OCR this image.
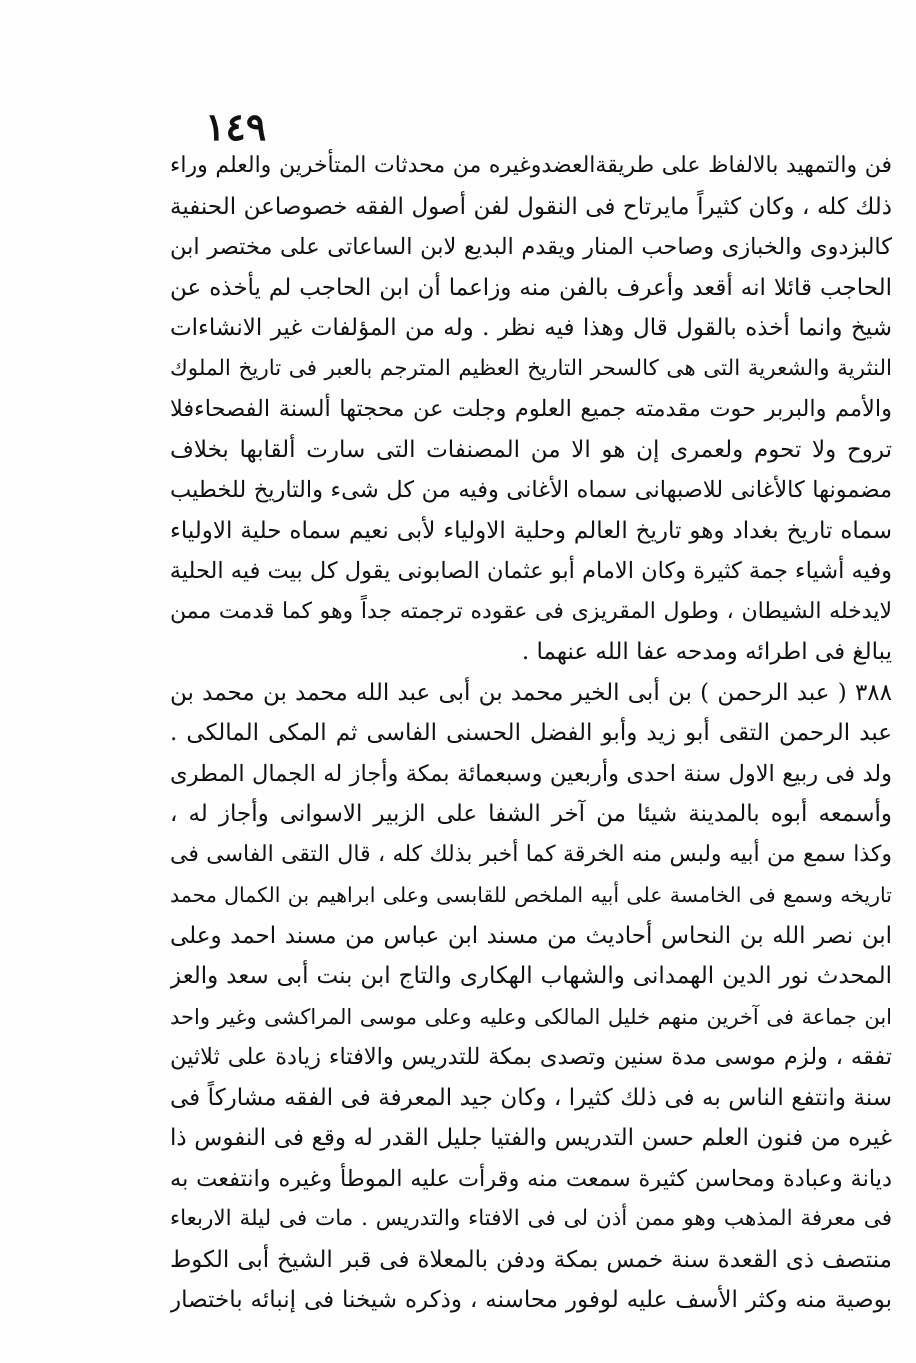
١٤٩
فن والتمهيد بالالفاظ على طريقةالعضدوغيره من محدثات المتأخرين والعلم وراء
ذلك كله ، وكان كثيراً مايرتاح فى النقول لفن أصول الفقه خصوصاعن الحنفية
كالبزدوى والخبازى وصاحب المنار ويقدم البديع لابن الساعاتى على مختصر ابن
الحاجب قائلا انه أقعد وأعرف بالفن منه وزاعما أن ابن الحاجب لم يأخذه عن
شيخ وانما أخذه بالقول قال وهذا فيه نظر . وله من المؤلفات غير الانشاءات
النثرية والشعرية التى هى كالسحر التاريخ العظيم المترجم بالعبر فى تاريخ الملوك
والأمم والبربر حوت مقدمته جميع العلوم وجلت عن محجتها ألسنة الفصحاءفلا
تروح ولا تحوم ولعمرى إن هو الا من المصنفات التى سارت ألقابها بخلاف
مضمونها كالأغانى للاصبهانى سماه الأغانى وفيه من كل شىء والتاريخ للخطيب
سماه تاريخ بغداد وهو تاريخ العالم وحلية الاولياء لأبى نعيم سماه حلية الاولياء
وفيه أشياء جمة كثيرة وكان الامام أبو عثمان الصابونى يقول كل بيت فيه الحلية
لايدخله الشيطان ، وطول المقريزى فى عقوده ترجمته جداً وهو كما قدمت ممن
يبالغ فى اطرائه ومدحه عفا الله عنهما .
٣٨٨ ( عبد الرحمن ) بن أبى الخير محمد بن أبى عبد الله محمد بن محمد بن
عبد الرحمن التقى أبو زيد وأبو الفضل الحسنى الفاسى ثم المكى المالكى .
ولد فى ربيع الاول سنة احدى وأربعين وسبعمائة بمكة وأجاز له الجمال المطرى
وأسمعه أبوه بالمدينة شيئا من آخر الشفا على الزبير الاسوانى وأجاز له ،
وكذا سمع من أبيه ولبس منه الخرقة كما أخبر بذلك كله ، قال التقى الفاسى فى
تاريخه وسمع فى الخامسة على أبيه الملخص للقابسى وعلى ابراهيم بن الكمال محمد
ابن نصر الله بن النحاس أحاديث من مسند ابن عباس من مسند احمد وعلى
المحدث نور الدين الهمدانى والشهاب الهكارى والتاج ابن بنت أبى سعد والعز
ابن جماعة فى آخرين منهم خليل المالكى وعليه وعلى موسى المراكشى وغير واحد
تفقه ، ولزم موسى مدة سنين وتصدى بمكة للتدريس والافتاء زيادة على ثلاثين
سنة وانتفع الناس به فى ذلك كثيرا ، وكان جيد المعرفة فى الفقه مشاركاً فى
غيره من فنون العلم حسن التدريس والفتيا جليل القدر له وقع فى النفوس ذا
ديانة وعبادة ومحاسن كثيرة سمعت منه وقرأت عليه الموطأ وغيره وانتفعت به
فى معرفة المذهب وهو ممن أذن لى فى الافتاء والتدريس . مات فى ليلة الاربعاء
منتصف ذى القعدة سنة خمس بمكة ودفن بالمعلاة فى قبر الشيخ أبى الكوط
بوصية منه وكثر الأسف عليه لوفور محاسنه ، وذكره شيخنا فى إنبائه باختصار
